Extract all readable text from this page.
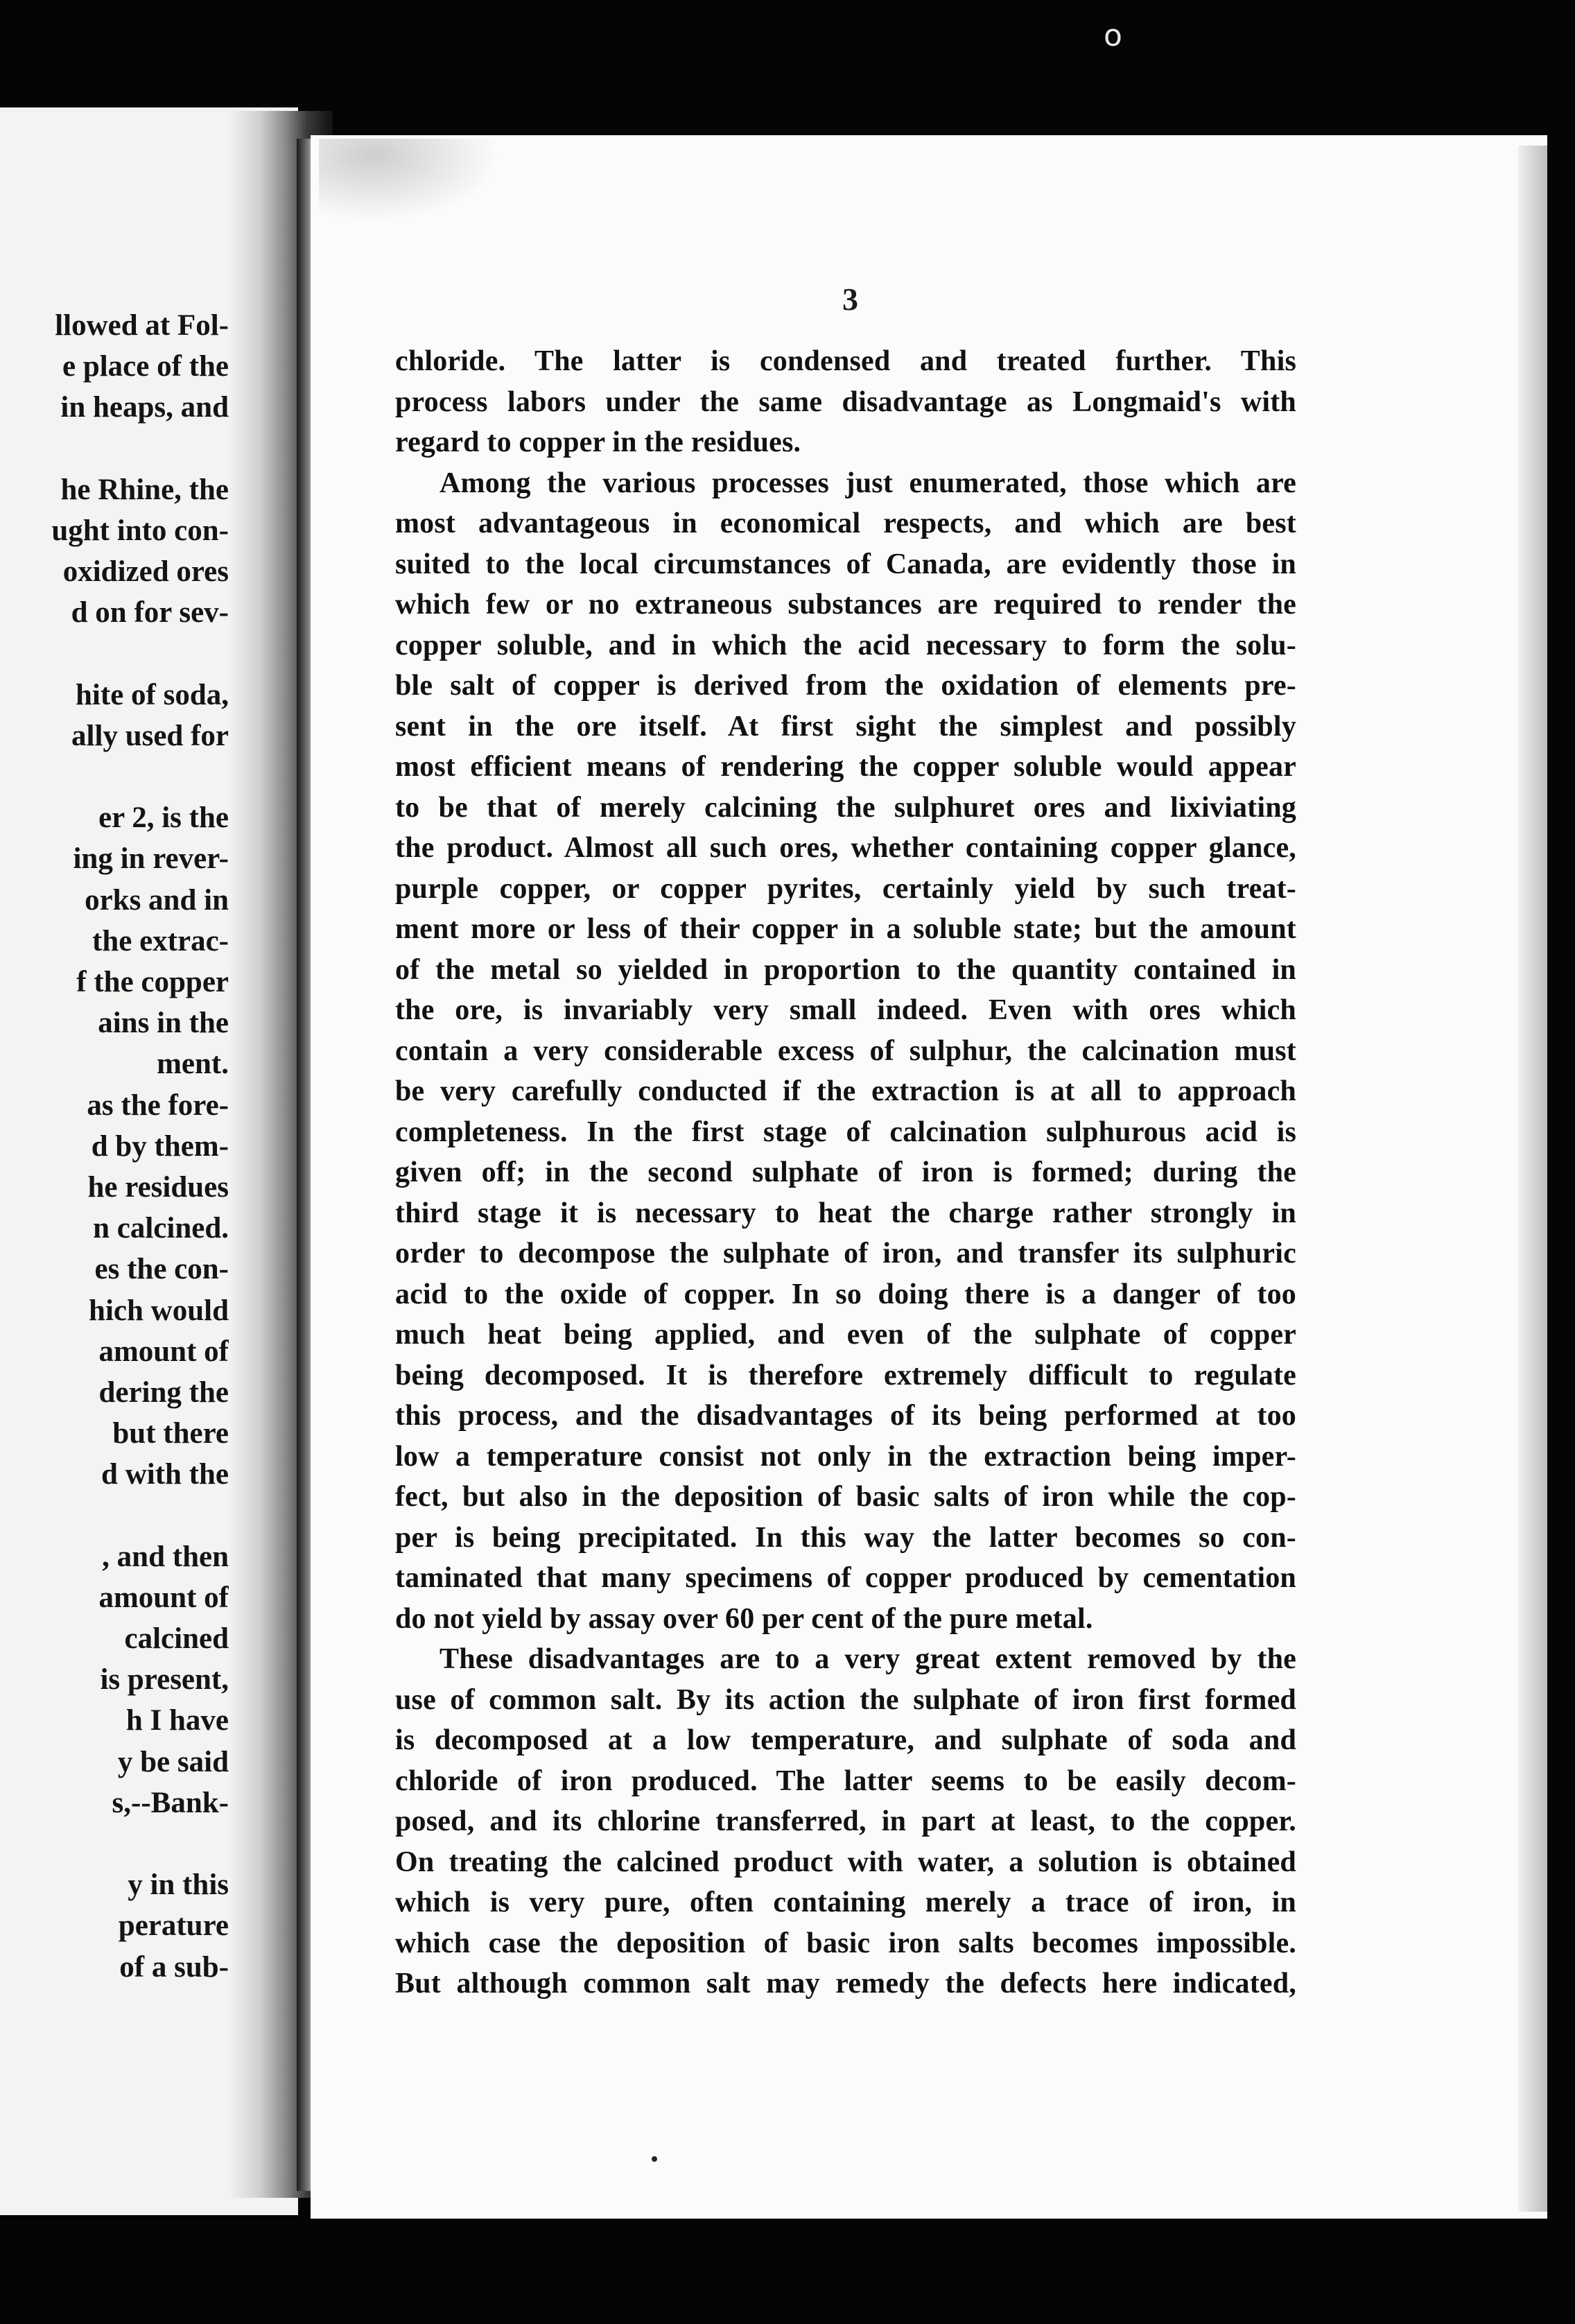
o
llowed at Fol-
e place of the
in heaps, and
he Rhine, the
ught into con-
oxidized ores
d on for sev-
hite of soda,
ally used for
er 2, is the
ing in rever-
orks and in
the extrac-
f the copper
ains in the
ment.
as the fore-
d by them-
he residues
n calcined.
es the con-
hich would
amount of
dering the
but there
d with the
, and then
amount of
calcined
is present,
h I have
y be said
s,--Bank-
y in this
perature
of a sub-
3
chloride. The latter is condensed and treated further. This
process labors under the same disadvantage as Longmaid's with
regard to copper in the residues.
Among the various processes just enumerated, those which are
most advantageous in economical respects, and which are best
suited to the local circumstances of Canada, are evidently those in
which few or no extraneous substances are required to render the
copper soluble, and in which the acid necessary to form the solu-
ble salt of copper is derived from the oxidation of elements pre-
sent in the ore itself. At first sight the simplest and possibly
most efficient means of rendering the copper soluble would appear
to be that of merely calcining the sulphuret ores and lixiviating
the product. Almost all such ores, whether containing copper glance,
purple copper, or copper pyrites, certainly yield by such treat-
ment more or less of their copper in a soluble state; but the amount
of the metal so yielded in proportion to the quantity contained in
the ore, is invariably very small indeed. Even with ores which
contain a very considerable excess of sulphur, the calcination must
be very carefully conducted if the extraction is at all to approach
completeness. In the first stage of calcination sulphurous acid is
given off; in the second sulphate of iron is formed; during the
third stage it is necessary to heat the charge rather strongly in
order to decompose the sulphate of iron, and transfer its sulphuric
acid to the oxide of copper. In so doing there is a danger of too
much heat being applied, and even of the sulphate of copper
being decomposed. It is therefore extremely difficult to regulate
this process, and the disadvantages of its being performed at too
low a temperature consist not only in the extraction being imper-
fect, but also in the deposition of basic salts of iron while the cop-
per is being precipitated. In this way the latter becomes so con-
taminated that many specimens of copper produced by cementation
do not yield by assay over 60 per cent of the pure metal.
These disadvantages are to a very great extent removed by the
use of common salt. By its action the sulphate of iron first formed
is decomposed at a low temperature, and sulphate of soda and
chloride of iron produced. The latter seems to be easily decom-
posed, and its chlorine transferred, in part at least, to the copper.
On treating the calcined product with water, a solution is obtained
which is very pure, often containing merely a trace of iron, in
which case the deposition of basic iron salts becomes impossible.
But although common salt may remedy the defects here indicated,
